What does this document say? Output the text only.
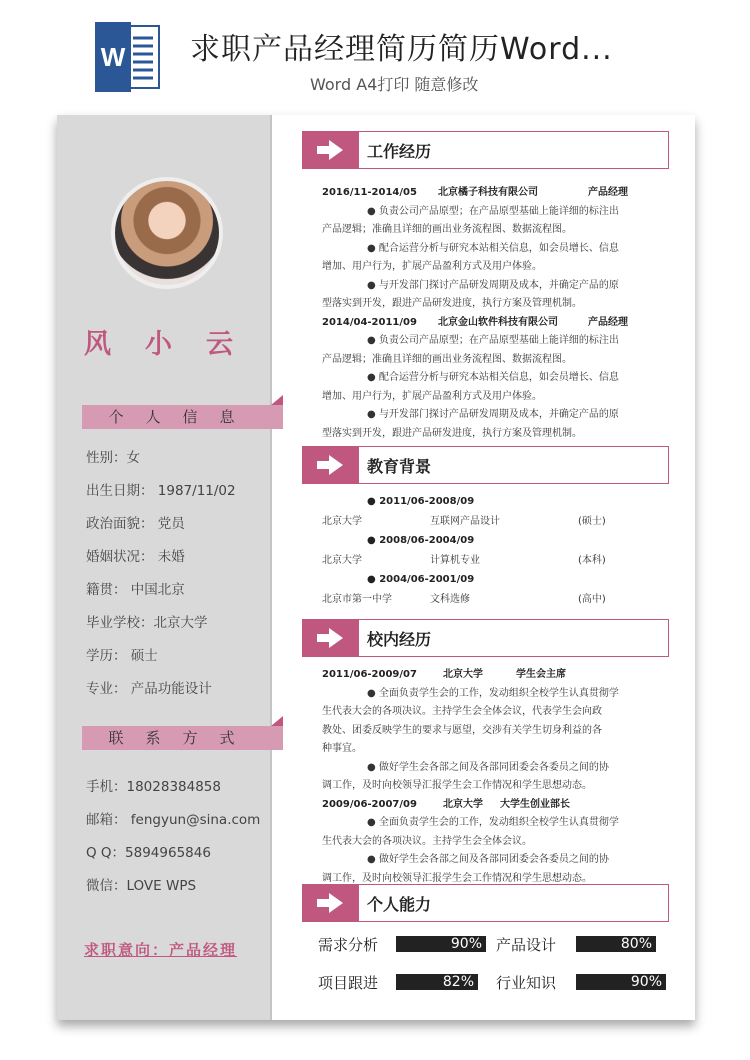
W 求职产品经理简历简历Word...
Word A4打印 随意修改
风小云
个人信息
性别：女
出生日期： 1987/11/02
政治面貌： 党员
婚姻状况： 未婚
籍贯： 中国北京
毕业学校：北京大学
学历： 硕士
专业： 产品功能设计
联系方式
手机：18028384858
邮箱： fengyun@sina.com
Q Q：5894965846
微信：LOVE WPS
求职意向：产品经理
工作经历
教育背景
校内经历
2016/11-2014/05 北京橘子科技有限公司	产品经理
● 负责公司产品原型；在产品原型基础上能详细的标注出
产品逻辑；准确且详细的画出业务流程图、数据流程图。
● 配合运营分析与研究本站相关信息，如会员增长、信息
增加、用户行为，扩展产品盈利方式及用户体验。
● 与开发部门探讨产品研发周期及成本，并确定产品的原
型落实到开发，跟进产品研发进度，执行方案及管理机制。
2014/04-2011/09 北京金山软件科技有限公司	产品经理
● 负责公司产品原型；在产品原型基础上能详细的标注出
产品逻辑；准确且详细的画出业务流程图、数据流程图。
● 配合运营分析与研究本站相关信息，如会员增长、信息
增加、用户行为，扩展产品盈利方式及用户体验。
● 与开发部门探讨产品研发周期及成本，并确定产品的原
型落实到开发，跟进产品研发进度，执行方案及管理机制。
● 2011/06-2008/09
北京大学	互联网产品设计	(硕士)
● 2008/06-2004/09
北京大学	计算机专业	(本科)
● 2004/06-2001/09
北京市第一中学	文科选修	(高中)
2011/06-2009/07	北京大学	学生会主席
● 全面负责学生会的工作，发动组织全校学生认真贯彻学
生代表大会的各项决议。主持学生会全体会议，代表学生会向政
教处、团委反映学生的要求与愿望，交涉有关学生切身利益的各
种事宜。
● 做好学生会各部之间及各部同团委会各委员之间的协
调工作，及时向校领导汇报学生会工作情况和学生思想动态。
2009/06-2007/09	北京大学 大学生创业部长
● 全面负责学生会的工作，发动组织全校学生认真贯彻学
生代表大会的各项决议。主持学生会全体会议。
● 做好学生会各部之间及各部同团委会各委员之间的协
调工作，及时向校领导汇报学生会工作情况和学生思想动态。
个人能力
需求分析	90% 产品设计	80%
项目跟进	82% 行业知识	90%
